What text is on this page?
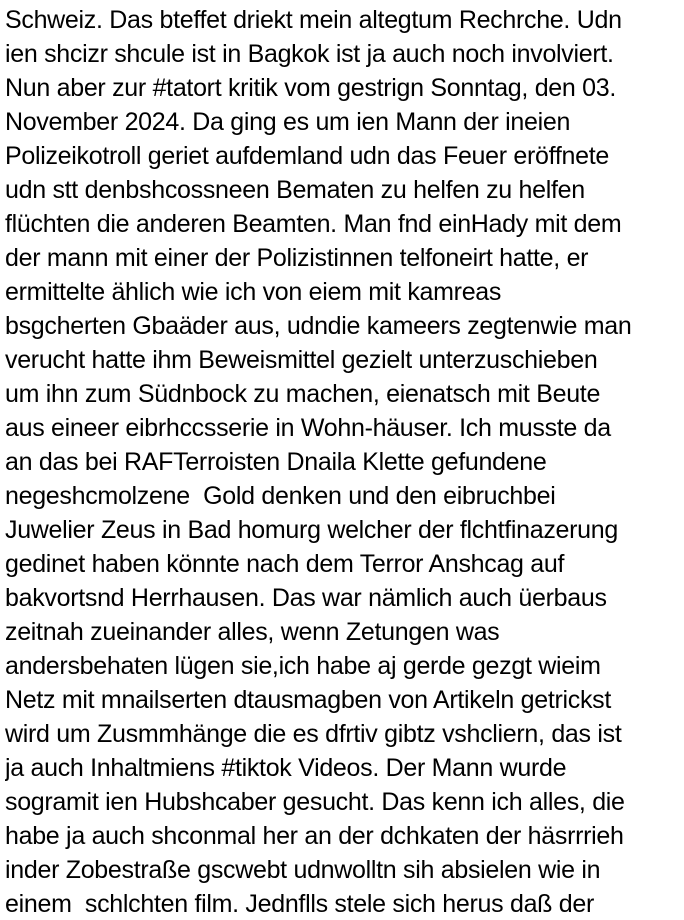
Schweiz. Das bteffet driekt mein altegtum Rechrche. Udn
ien shcizr shcule ist in Bagkok ist ja auch noch involviert.
Nun aber zur #tatort kritik vom gestrign Sonntag, den 03.
November 2024. Da ging es um ien Mann der ineien
Polizeikotroll geriet aufdemland udn das Feuer eröffnete
udn stt denbshcossneen Bematen zu helfen zu helfen
flüchten die anderen Beamten. Man fnd einHady mit dem
der mann mit einer der Polizistinnen telfoneirt hatte, er
ermittelte ählich wie ich von eiem mit kamreas
bsgcherten Gbaäder aus, udndie kameers zegtenwie man
verucht hatte ihm Beweismittel gezielt unterzuschieben
um ihn zum Südnbock zu machen, eienatsch mit Beute
aus eineer eibrhccsserie in Wohn-häuser. Ich musste da
an das bei RAFTerroisten Dnaila Klette gefundene
negeshcmolzene  Gold denken und den eibruchbei
Juwelier Zeus in Bad homurg welcher der flchtfinazerung
gedinet haben könnte nach dem Terror Anshcag auf
bakvortsnd Herrhausen. Das war nämlich auch üerbaus
zeitnah zueinander alles, wenn Zetungen was
andersbehaten lügen sie,ich habe aj gerde gezgt wieim
Netz mit mnailserten dtausmagben von Artikeln getrickst
wird um Zusmmhänge die es dfrtiv gibtz vshcliern, das ist
ja auch Inhaltmiens #tiktok Videos. Der Mann wurde
sogramit ien Hubshcaber gesucht. Das kenn ich alles, die
habe ja auch shconmal her an der dchkaten der häsrrrieh
inder Zobestraße gscwebt udnwolltn sih absielen wie in
einem  schlchten film. Jednflls stele sich herus daß der
